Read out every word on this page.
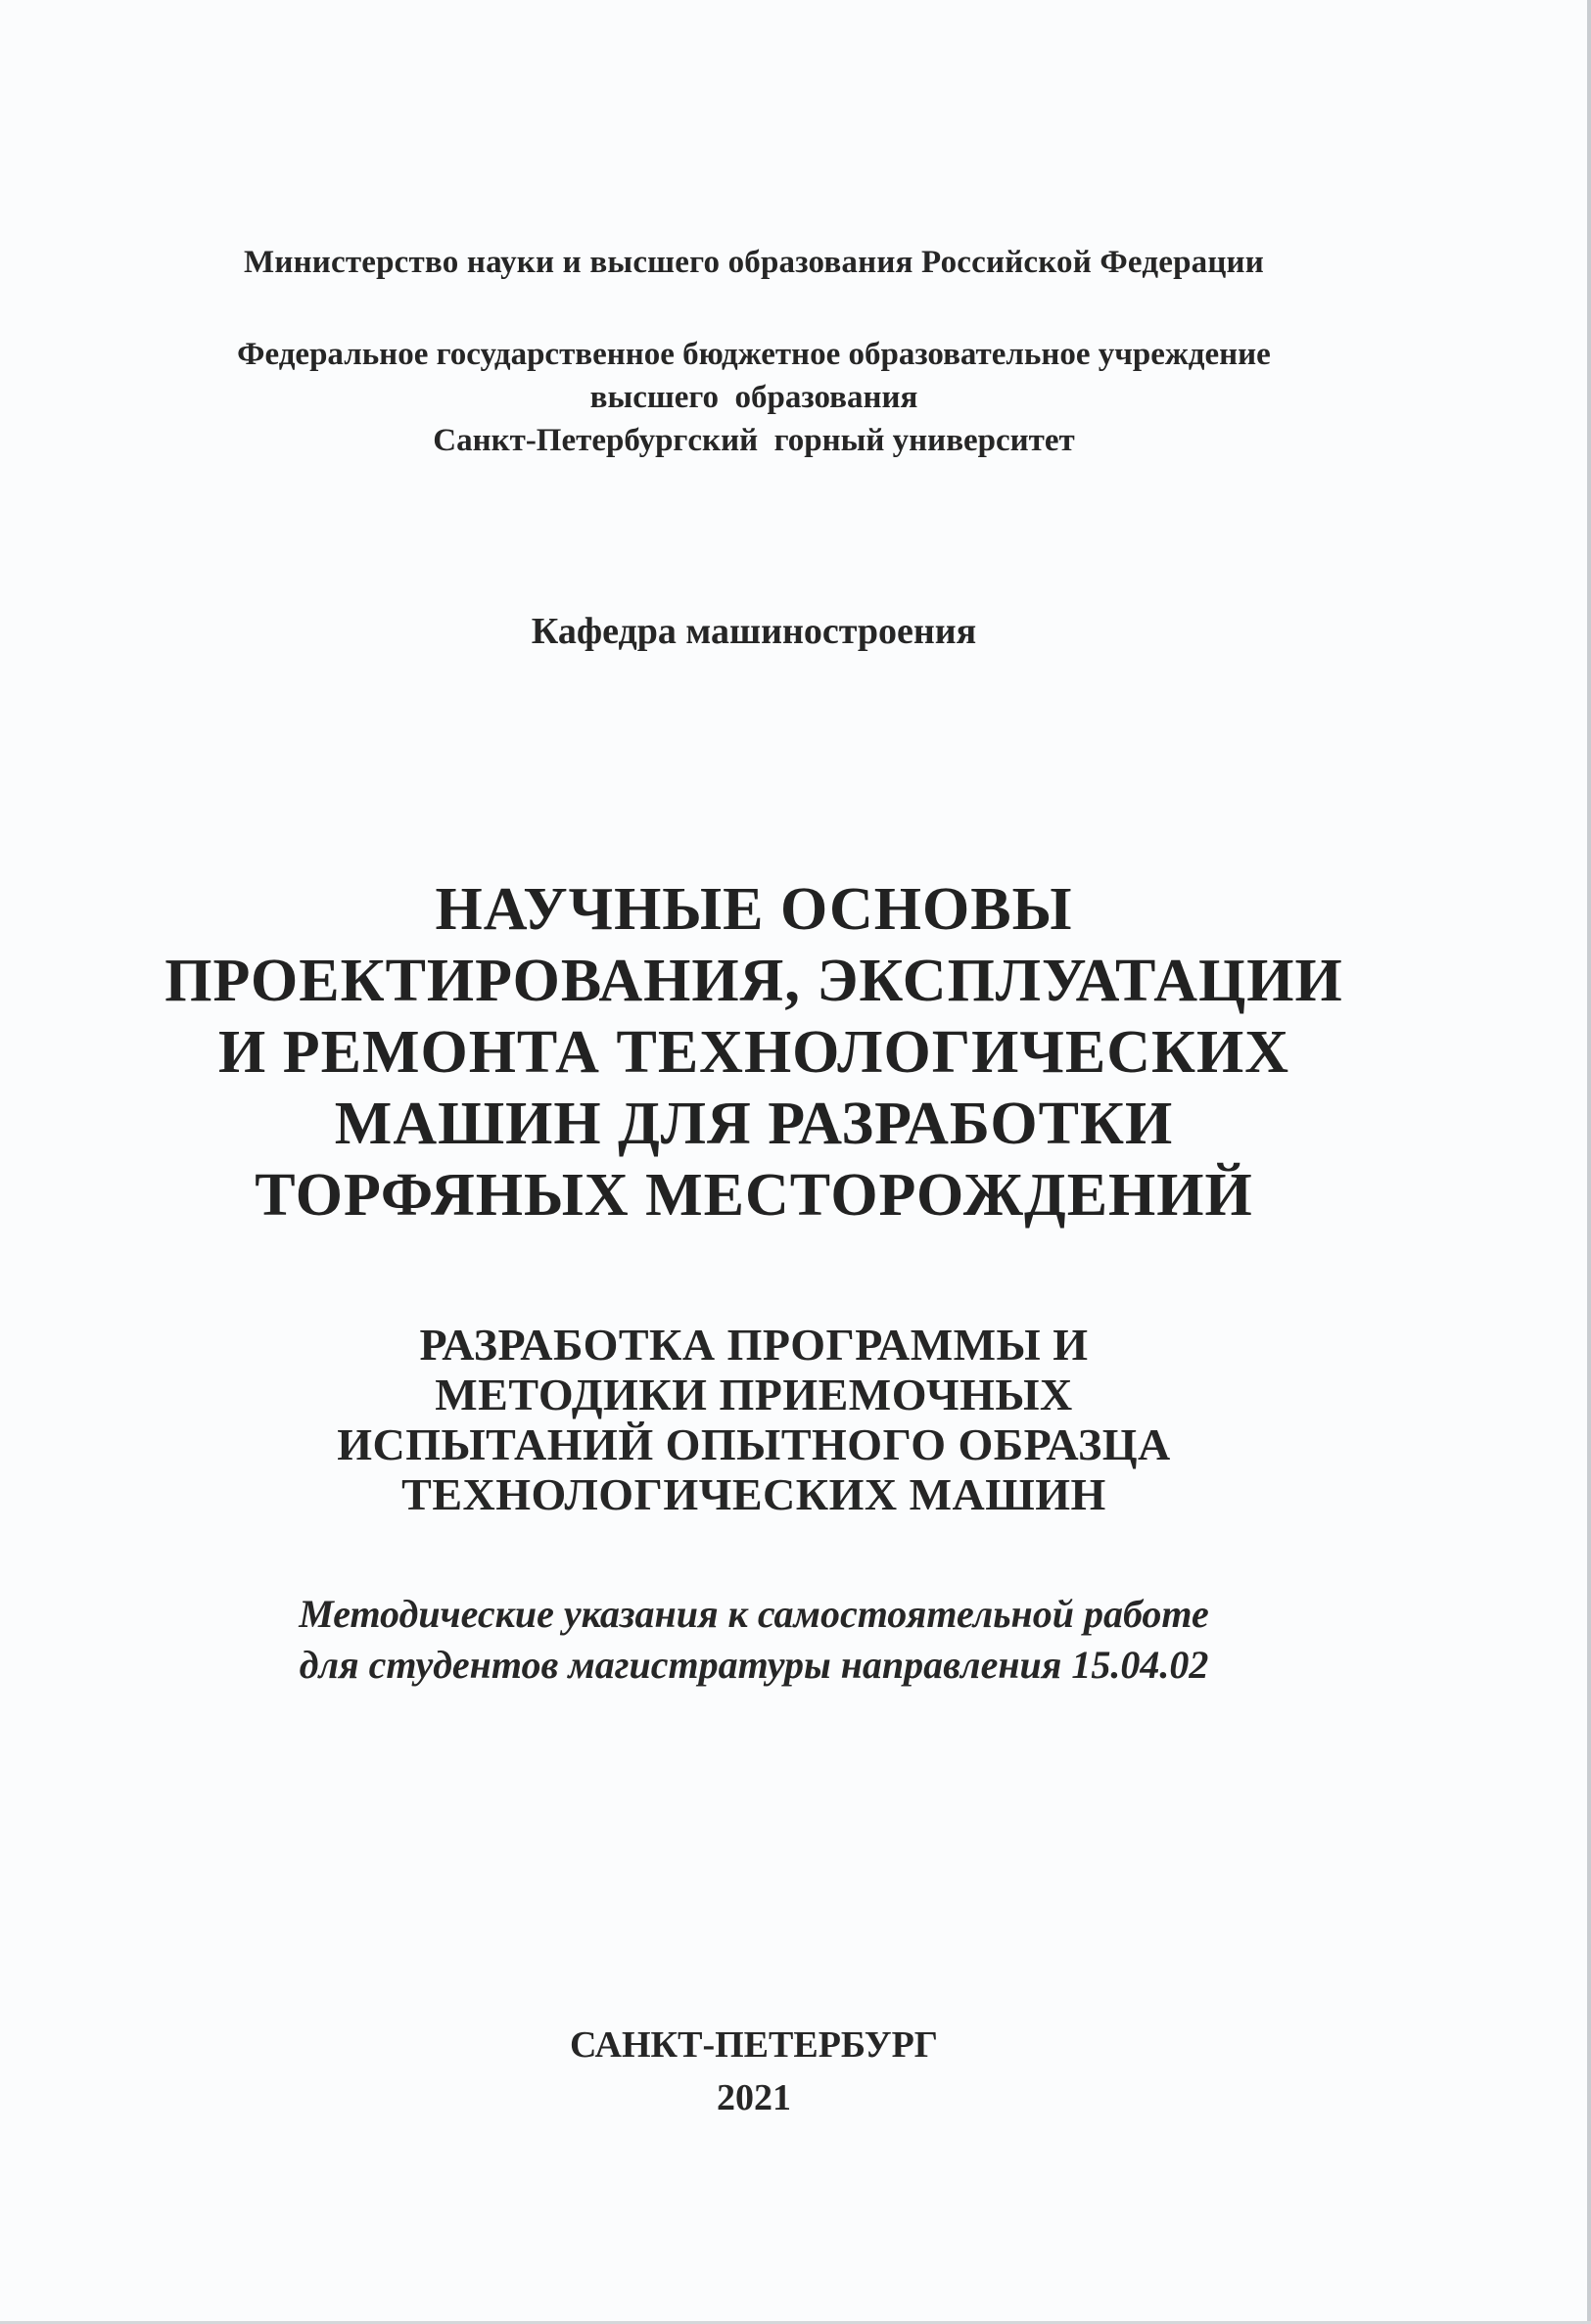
Министерство науки и высшего образования Российской Федерации
Федеральное государственное бюджетное образовательное учреждение
высшего  образования
Санкт-Петербургский  горный университет
Кафедра машиностроения
НАУЧНЫЕ ОСНОВЫ
ПРОЕКТИРОВАНИЯ, ЭКСПЛУАТАЦИИ
И РЕМОНТА ТЕХНОЛОГИЧЕСКИХ
МАШИН ДЛЯ РАЗРАБОТКИ
ТОРФЯНЫХ МЕСТОРОЖДЕНИЙ
РАЗРАБОТКА ПРОГРАММЫ И
МЕТОДИКИ ПРИЕМОЧНЫХ
ИСПЫТАНИЙ ОПЫТНОГО ОБРАЗЦА
ТЕХНОЛОГИЧЕСКИХ МАШИН
Методические указания к самостоятельной работе
для студентов магистратуры направления 15.04.02
САНКТ-ПЕТЕРБУРГ
2021
